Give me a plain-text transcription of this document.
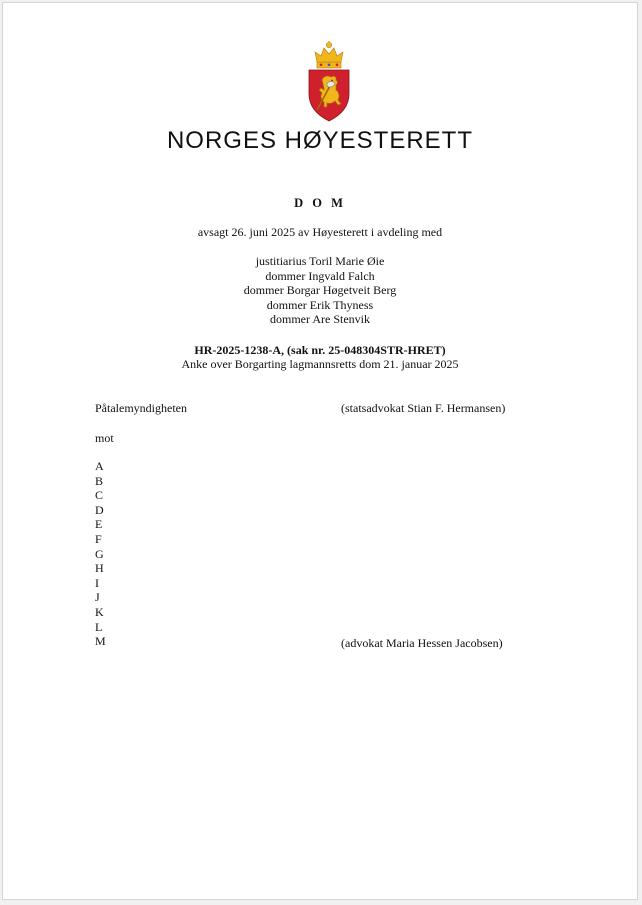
NORGES HØYESTERETT
D O M
avsagt 26. juni 2025 av Høyesterett i avdeling med
justitiarius Toril Marie Øie
dommer Ingvald Falch
dommer Borgar Høgetveit Berg
dommer Erik Thyness
dommer Are Stenvik
HR-2025-1238-A, (sak nr. 25-048304STR-HRET)
Anke over Borgarting lagmannsretts dom 21. januar 2025
Påtalemyndigheten	(statsadvokat Stian F. Hermansen)
mot
A
B
C
D
E
F
G
H
I
J
K
L
M	(advokat Maria Hessen Jacobsen)
